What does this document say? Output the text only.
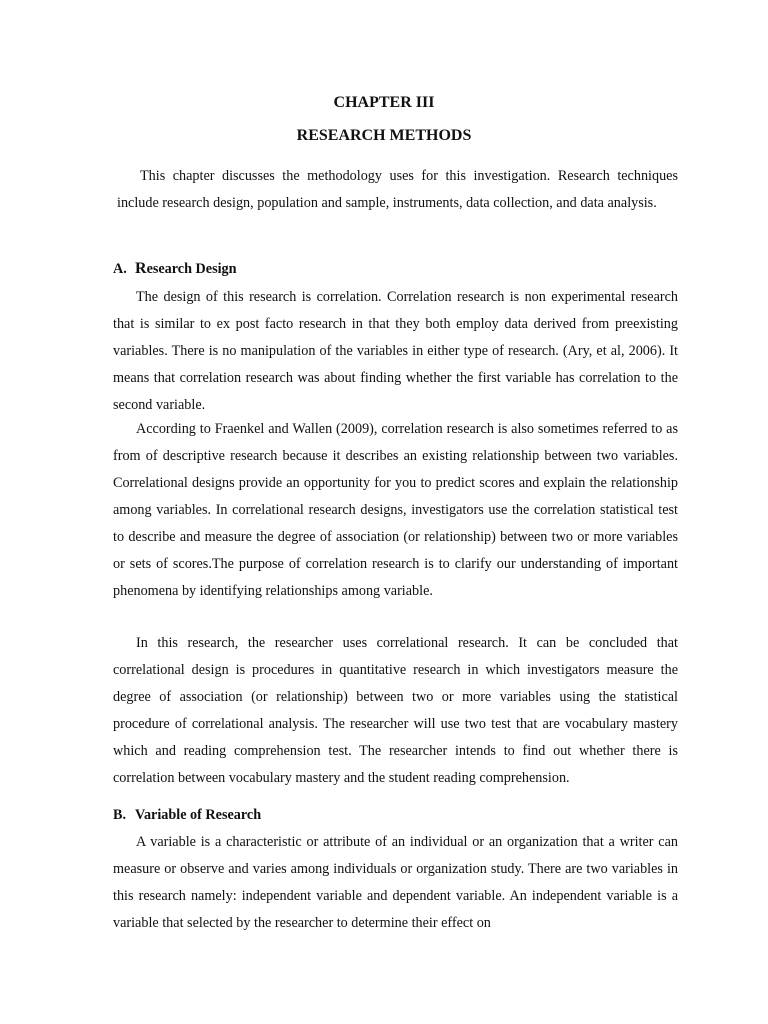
CHAPTER III
RESEARCH METHODS

This chapter discusses the methodology uses for this investigation. Research techniques include research design, population and sample, instruments, data collection, and data analysis.

A. Research Design

The design of this research is correlation. Correlation research is non experimental research that is similar to ex post facto research in that they both employ data derived from preexisting variables. There is no manipulation of the variables in either type of research. (Ary, et al, 2006). It means that correlation research was about finding whether the first variable has correlation to the second variable.

According to Fraenkel and Wallen (2009), correlation research is also sometimes referred to as from of descriptive research because it describes an existing relationship between two variables. Correlational designs provide an opportunity for you to predict scores and explain the relationship among variables. In correlational research designs, investigators use the correlation statistical test to describe and measure the degree of association (or relationship) between two or more variables or sets of scores.The purpose of correlation research is to clarify our understanding of important phenomena by identifying relationships among variable.

In this research, the researcher uses correlational research. It can be concluded that correlational design is procedures in quantitative research in which investigators measure the degree of association (or relationship) between two or more variables using the statistical procedure of correlational analysis. The researcher will use two test that are vocabulary mastery which and reading comprehension test. The researcher intends to find out whether there is correlation between vocabulary mastery and the student reading comprehension.

B. Variable of Research

A variable is a characteristic or attribute of an individual or an organization that a writer can measure or observe and varies among individuals or organization study. There are two variables in this research namely: independent variable and dependent variable. An independent variable is a variable that selected by the researcher to determine their effect on
